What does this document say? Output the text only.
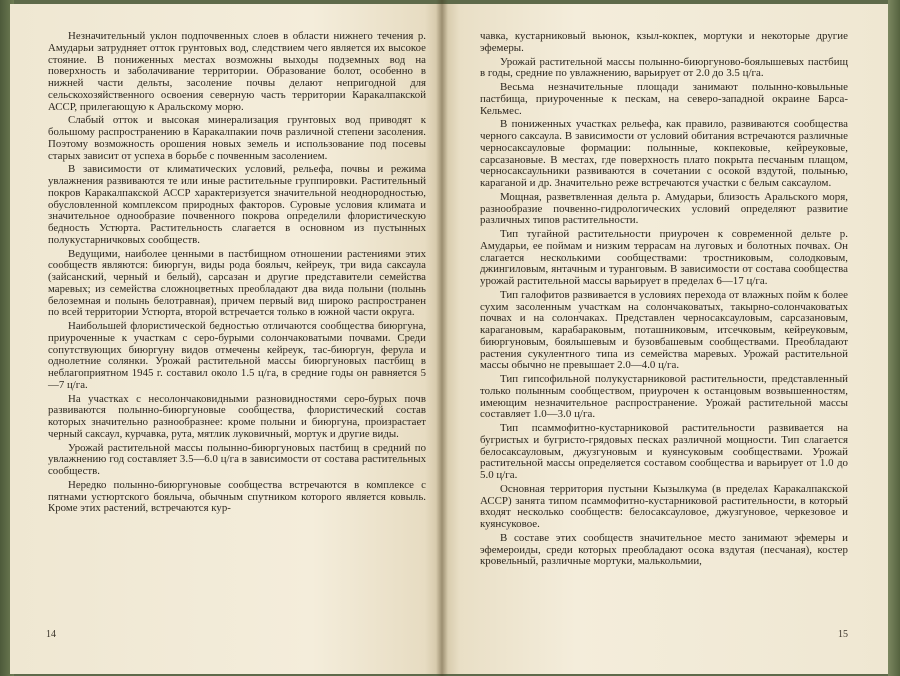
Незначительный уклон подпочвенных слоев в области нижнего течения р. Амударьи затрудняет отток грунтовых вод, следствием чего является их высокое стояние. В пониженных местах возможны выходы подземных вод на поверхность и заболачивание территории. Образование болот, особенно в нижней части дельты, засоление почвы делают непригодной для сельскохозяйственного освоения северную часть территории Каракалпакской АССР, прилегающую к Аральскому морю.

Слабый отток и высокая минерализация грунтовых вод приводят к большому распространению в Каракалпакии почв различной степени засоления. Поэтому возможность орошения новых земель и использование под посевы старых зависит от успеха в борьбе с почвенным засолением.

В зависимости от климатических условий, рельефа, почвы и режима увлажнения развиваются те или иные растительные группировки. Растительный покров Каракалпакской АССР характеризуется значительной неоднородностью, обусловленной комплексом природных факторов. Суровые условия климата и значительное однообразие почвенного покрова определили флористическую бедность Устюрта. Растительность слагается в основном из пустынных полукустарничковых сообществ.

Ведущими, наиболее ценными в пастбищном отношении растениями этих сообществ являются: биюргун, виды рода боялыч, кейреук, три вида саксаула (зайсанский, черный и белый), сарсазан и другие представители семейства маревых; из семейства сложноцветных преобладают два вида полыни (полынь белоземная и полынь белотравная), причем первый вид широко распространен по всей территории Устюрта, второй встречается только в южной части округа.

Наибольшей флористической бедностью отличаются сообщества биюргуна, приуроченные к участкам с серо-бурыми солончаковатыми почвами. Среди сопутствующих биюргуну видов отмечены кейреук, тас-биюргун, ферула и однолетние солянки. Урожай растительной массы биюргуновых пастбищ в неблагоприятном 1945 г. составил около 1.5 ц/га, в средние годы он равняется 5—7 ц/га.

На участках с несолончаковидными разновидностями серо-бурых почв развиваются полынно-биюргуновые сообщества, флористический состав которых значительно разнообразнее: кроме полыни и биюргуна, произрастает черный саксаул, курчавка, рута, мятлик луковичный, мортук и другие виды.

Урожай растительной массы полынно-биюргуновых пастбищ в средний по увлажнению год составляет 3.5—6.0 ц/га в зависимости от состава растительных сообществ.

Нередко полынно-биюргуновые сообщества встречаются в комплексе с пятнами устюртского боялыча, обычным спутником которого является ковыль. Кроме этих растений, встречаются кур-

14

чавка, кустарниковый вьюнок, кзыл-кокпек, мортуки и некоторые другие эфемеры.

Урожай растительной массы полынно-биюргуново-боялышевых пастбищ в годы, средние по увлажнению, варьирует от 2.0 до 3.5 ц/га.

Весьма незначительные площади занимают полынно-ковыльные пастбища, приуроченные к пескам, на северо-западной окраине Барса-Кельмес.

В пониженных участках рельефа, как правило, развиваются сообщества черного саксаула. В зависимости от условий обитания встречаются различные черносаксауловые формации: полынные, кокпековые, кейреуковые, сарсазановые. В местах, где поверхность плато покрыта песчаным плащом, черносаксаульники развиваются в сочетании с осокой вздутой, полынью, карaганой и др. Значительно реже встречаются участки с белым саксаулом.

Мощная, разветвленная дельта р. Амударьи, близость Аральского моря, разнообразие почвенно-гидрологических условий определяют развитие различных типов растительности.

Тип тугайной растительности приурочен к современной дельте р. Амударьи, ее поймам и низким террасам на луговых и болотных почвах. Он слагается несколькими сообществами: тростниковым, солодковым, джингиловым, янтачным и туранговым. В зависимости от состава сообщества урожай растительной массы варьирует в пределах 6—17 ц/га.

Тип галофитов развивается в условиях перехода от влажных пойм к более сухим засоленным участкам на солончаковатых, такырно-солончаковатых почвах и на солончаках. Представлен черносаксауловым, сарсазановым, карагановым, карабараковым, поташниковым, итсечковым, кейреуковым, биюргуновым, боялышевым и бузовбашевым сообществами. Преобладают растения сукулентного типа из семейства маревых. Урожай растительной массы обычно не превышает 2.0—4.0 ц/га.

Тип гипсофильной полукустарниковой растительности, представленный только полынным сообществом, приурочен к останцовым возвышенностям, имеющим незначительное распространение. Урожай растительной массы составляет 1.0—3.0 ц/га.

Тип псаммофитно-кустарниковой растительности развивается на бугристых и бугристо-грядовых песках различной мощности. Тип слагается белосаксауловым, джузгуновым и куянсуковым сообществами. Урожай растительной массы определяется составом сообщества и варьирует от 1.0 до 5.0 ц/га.

Основная территория пустыни Кызылкума (в пределах Каракалпакской АССР) занята типом псаммофитно-кустарниковой растительности, в который входят несколько сообществ: белосаксауловое, джузгуновое, черкезовое и куянсуковое.

В составе этих сообществ значительное место занимают эфемеры и эфемероиды, среди которых преобладают осока вздутая (песчаная), костер кровельный, различные мортуки, малькольмии,

15
